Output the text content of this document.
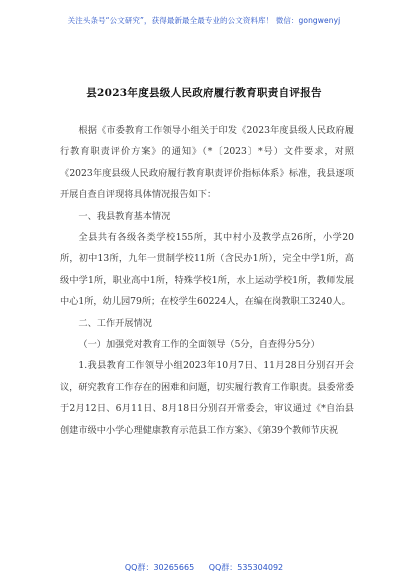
关注头条号“公文研究”，获得最新最全最专业的公文资料库！ 微信：gongwenyj
县2023年度县级人民政府履行教育职责自评报告

根据《市委教育工作领导小组关于印发《2023年度县级人民政府履行教育职责评价方案》的通知》（*〔2023〕*号）文件要求，对照《2023年度县级人民政府履行教育职责评价指标体系》标准，我县逐项开展自查自评现将具体情况报告如下：

一、我县教育基本情况

全县共有各级各类学校155所，其中村小及教学点26所，小学20所，初中13所，九年一贯制学校11所（含民办1所），完全中学1所，高级中学1所，职业高中1所，特殊学校1所，水上运动学校1所，教师发展中心1所，幼儿园79所；在校学生60224人，在编在岗教职工3240人。

二、工作开展情况

（一）加强党对教育工作的全面领导（5分，自查得分5分）

1.我县教育工作领导小组2023年10月7日、11月28日分别召开会议，研究教育工作存在的困难和问题，切实履行教育工作职责。县委常委于2月12日、6月11日、8月18日分别召开常委会，审议通过《*自治县创建市级中小学心理健康教育示范县工作方案》、《第39个教师节庆祝

QQ群：30265665 QQ群：535304092
